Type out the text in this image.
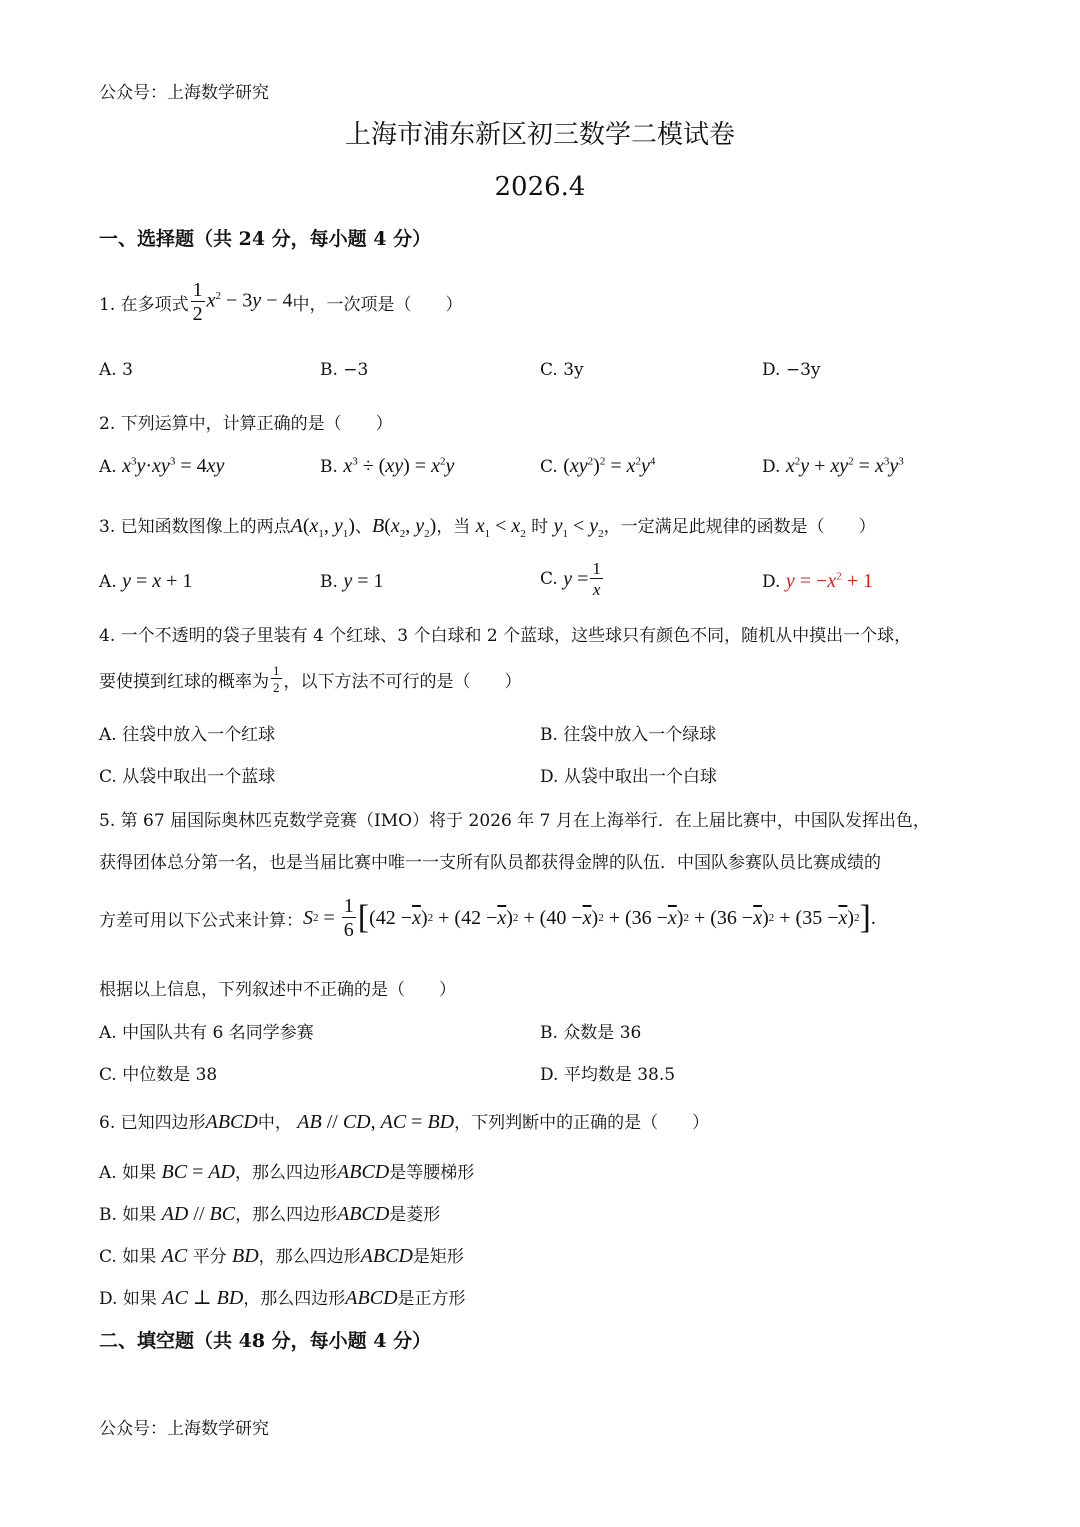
公众号：上海数学研究
上海市浦东新区初三数学二模试卷
2026.4
一、选择题（共 24 分，每小题 4 分）
1. 在多项式 $\frac{1}{2} x^2 - 3y - 4$ 中，一次项是（　　）
A. 3	B. −3	C. 3y	D. −3y
2. 下列运算中，计算正确的是（　　）
A. $x^3y\cdot xy^3 = 4xy$	B. $x^3 \div (xy) = x^2y$	C. $(xy^2)^2 = x^2y^4$	D. $x^2y + xy^2 = x^3y^3$
3. 已知函数图像上的两点$A(x_1$, $y_1$)、$B(x_2$, $y_2$)，当 $x_1 < x_2$ 时 $y_1 < y_2$，一定满足此规律的函数是（　　）
A. y = x + 1	B. y = 1	C. $y = \frac{1}{x}$	D. $y = -x^2 + 1$
4. 一个不透明的袋子里装有 4 个红球、3 个白球和 2 个蓝球，这些球只有颜色不同，随机从中摸出一个球，
要使摸到红球的概率为 $\frac{1}{2}$ ，以下方法不可行的是（　　）
A. 往袋中放入一个红球	B. 往袋中放入一个绿球
C. 从袋中取出一个蓝球	D. 从袋中取出一个白球
5. 第 67 届国际奥林匹克数学竞赛（IMO）将于 2026 年 7 月在上海举行．在上届比赛中，中国队发挥出色，
获得团体总分第一名，也是当届比赛中唯一一支所有队员都获得金牌的队伍．中国队参赛队员比赛成绩的
方差可用以下公式来计算： S $2 = \frac{1}{6}$ [ ($42 - \overline{x}$ ) $2 + (42 - \overline{x}$ ) $2 + (40 - \overline{x}$ ) $2 + (36 - \overline{x}$ ) $2 + (36 - \overline{x}$ ) $2 + (35 - \overline{x}$ ) 2 ] .
根据以上信息，下列叙述中不正确的是（　　）
A. 中国队共有 6 名同学参赛	B. 众数是 36
C. 中位数是 38	D. 平均数是 38.5
6. 已知四边形ABCD中， AB // CD, AC = BD，下列判断中的正确的是（　　）
A. 如果 BC = AD，那么四边形ABCD是等腰梯形
B. 如果 AD // BC，那么四边形ABCD是菱形
C. 如果 AC 平分 BD，那么四边形ABCD是矩形
D. 如果 AC ⊥ BD，那么四边形ABCD是正方形
二、填空题（共 48 分，每小题 4 分）
公众号：上海数学研究
